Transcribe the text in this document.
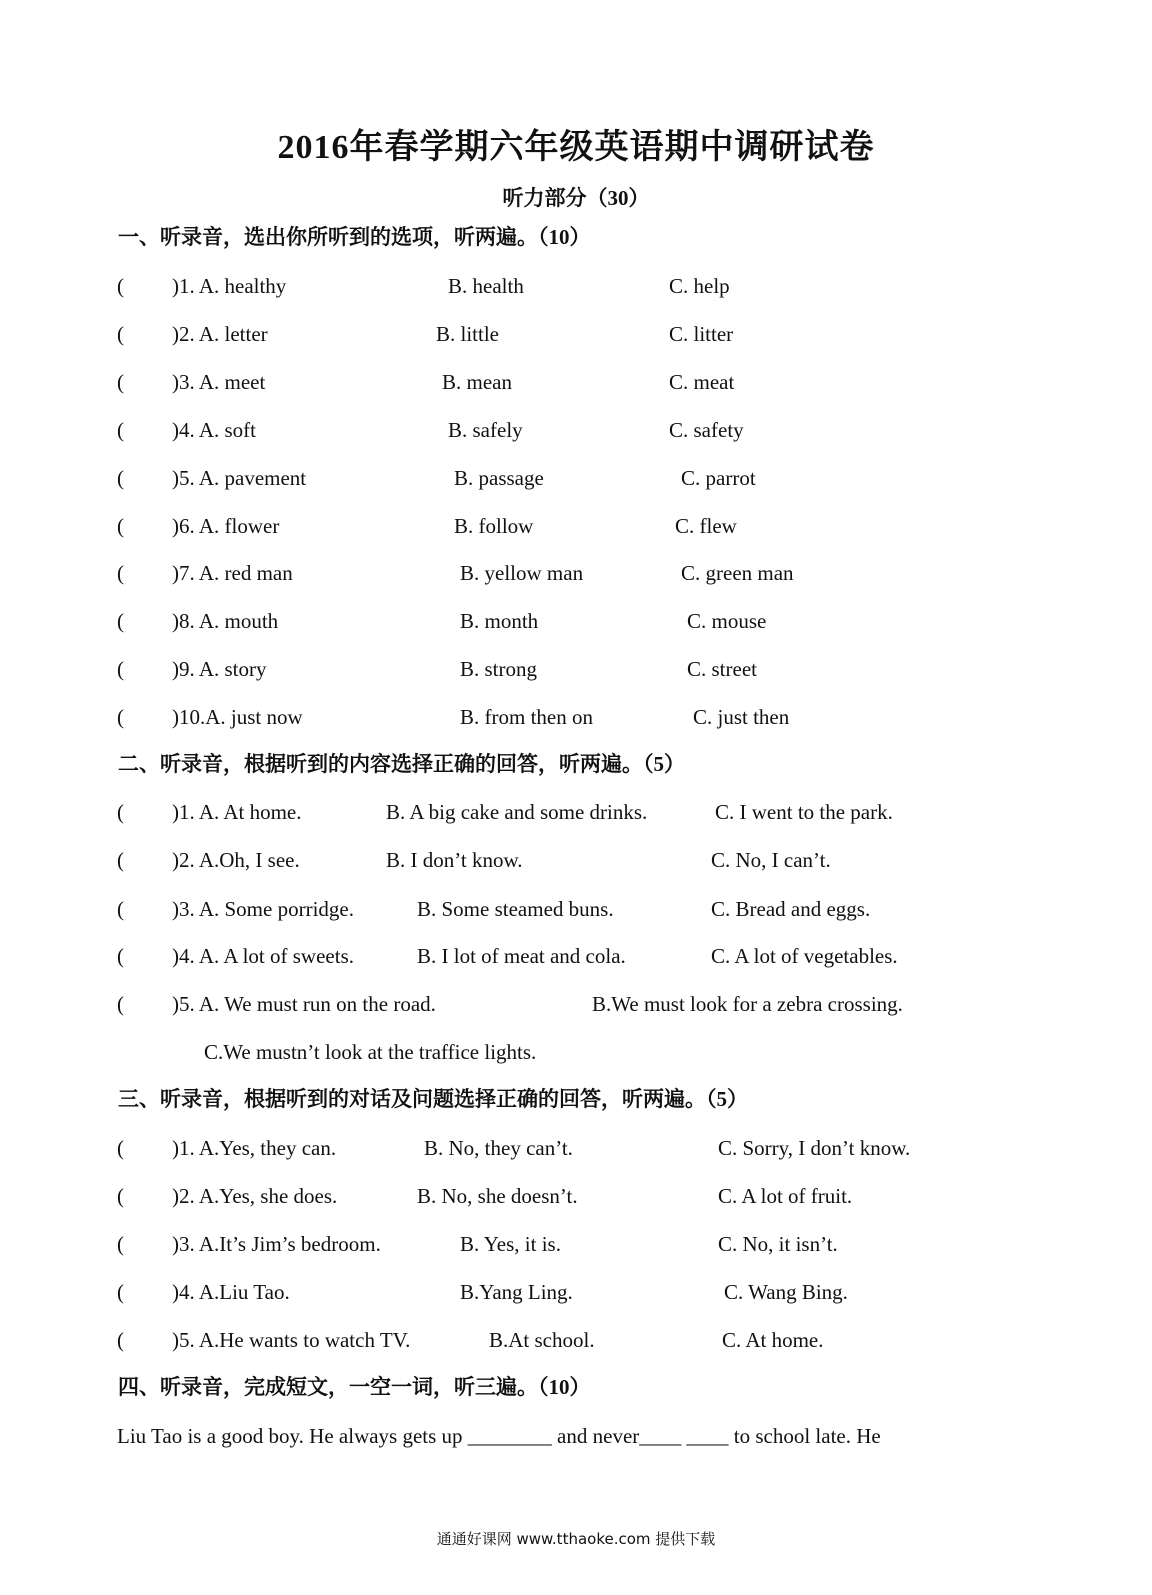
2016年春学期六年级英语期中调研试卷
听力部分（30）
一、听录音，选出你所听到的选项，听两遍。（10）
( )1. A. healthy	B. health	C. help
( )2. A. letter	B. little	C. litter
( )3. A. meet	B. mean	C. meat
( )4. A. soft	B. safely	C. safety
( )5. A. pavement	B. passage	C. parrot
( )6. A. flower	B. follow	C. flew
( )7. A. red man	B. yellow man	C. green man
( )8. A. mouth	B. month	C. mouse
( )9. A. story	B. strong	C. street
( )10.A. just now	B. from then on	C. just then
二、听录音，根据听到的内容选择正确的回答，听两遍。（5）
( )1. A. At home.	B. A big cake and some drinks.	C. I went to the park.
( )2. A.Oh, I see.	B. I don’t know.	C. No, I can’t.
( )3. A. Some porridge.	B. Some steamed buns.	C. Bread and eggs.
( )4. A. A lot of sweets.	B. I lot of meat and cola.	C. A lot of vegetables.
( )5. A. We must run on the road.	B.We must look for a zebra crossing.
C.We mustn’t look at the traffice lights.
三、听录音，根据听到的对话及问题选择正确的回答，听两遍。（5）
( )1. A.Yes, they can.	B. No, they can’t.	C. Sorry, I don’t know.
( )2. A.Yes, she does.	B. No, she doesn’t.	C. A lot of fruit.
( )3. A.It’s Jim’s bedroom.	B. Yes, it is.	C. No, it isn’t.
( )4. A.Liu Tao.	B.Yang Ling.	C. Wang Bing.
( )5. A.He wants to watch TV.	B.At school.	C. At home.
四、听录音，完成短文，一空一词，听三遍。（10）
Liu Tao is a good boy. He always gets up ________ and never____ ____ to school late. He
通通好课网 www.tthaoke.com 提供下载
